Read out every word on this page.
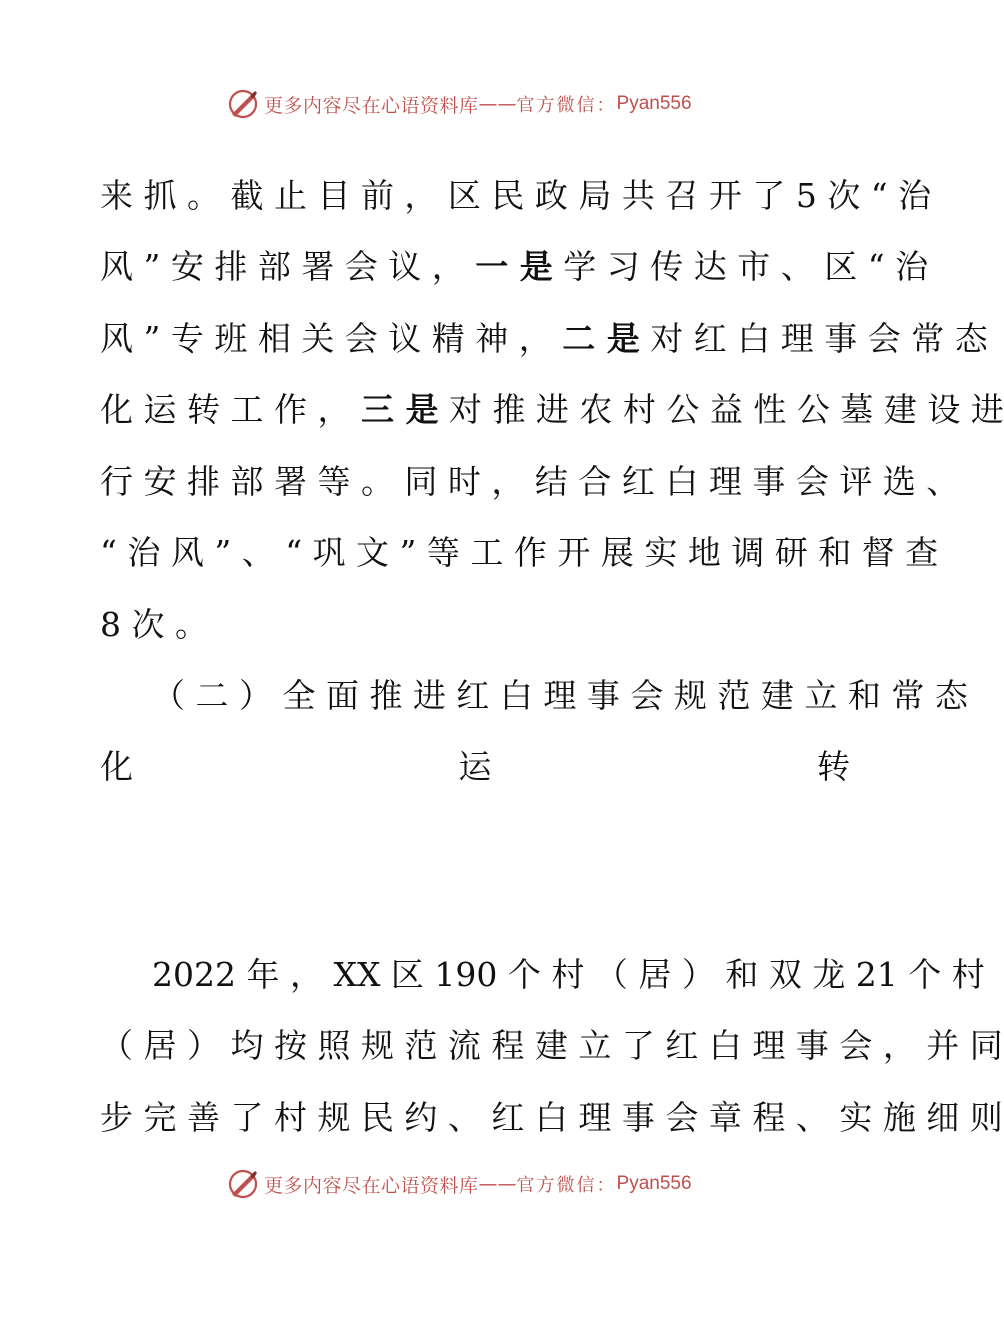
更多内容尽在心语资料库 —— 官方微信： Pyan556
来 抓 。 截 止 目 前 ， 区 民 政 局 共 召 开 了 5 次 “ 治
风 ” 安 排 部 署 会 议 ， 一 是 学 习 传 达 市 、 区 “ 治
风 ” 专 班 相 关 会 议 精 神 ， 二 是 对 红 白 理 事 会 常 态
化 运 转 工 作 ， 三 是 对 推 进 农 村 公 益 性 公 墓 建 设 进
行 安 排 部 署 等 。 同 时 ， 结 合 红 白 理 事 会 评 选 、
“ 治 风 ” 、 “ 巩 文 ” 等 工 作 开 展 实 地 调 研 和 督 查
8 次 。
（ 二 ） 全 面 推 进 红 白 理 事 会 规 范 建 立 和 常 态
化 运 转
2022 年 ， XX 区 190 个 村 （ 居 ） 和 双 龙 21 个 村
（ 居 ） 均 按 照 规 范 流 程 建 立 了 红 白 理 事 会 ， 并 同
步 完 善 了 村 规 民 约 、 红 白 理 事 会 章 程 、 实 施 细 则
更多内容尽在心语资料库 —— 官方微信： Pyan556
